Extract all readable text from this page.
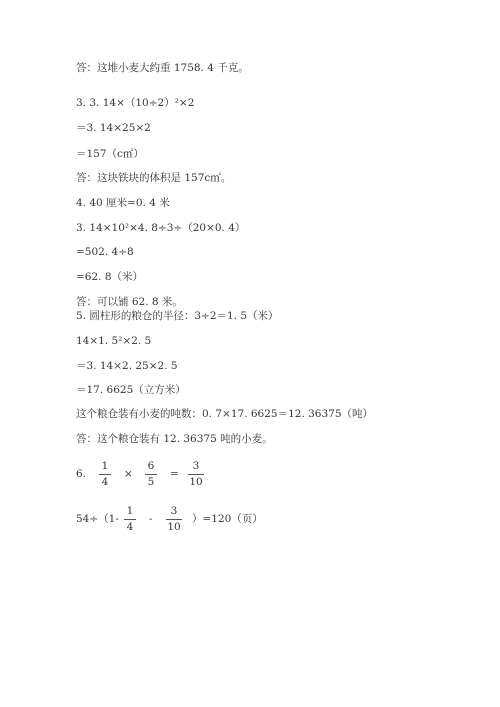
答：这堆小麦大约重 1758. 4 千克。
3. 3. 14×（10÷2）²×2
＝3. 14×25×2
＝157（c㎡）
答：这块铁块的体积是 157c㎡。
4. 40 厘米=0. 4 米
3. 14×10²×4. 8÷3÷（20×0. 4）
=502. 4÷8
=62. 8（米）
答：可以铺 62. 8 米。
5. 圆柱形的粮仓的半径：3÷2＝1. 5（米）
14×1. 5²×2. 5
＝3. 14×2. 25×2. 5
＝17. 6625（立方米）
这个粮仓装有小麦的吨数：0. 7×17. 6625＝12. 36375（吨）
答：这个粮仓装有 12. 36375 吨的小麦。
6.
1
4
×
6
5
=
3
10
54÷（1-
1
4
-
3
10
）=120（页）
